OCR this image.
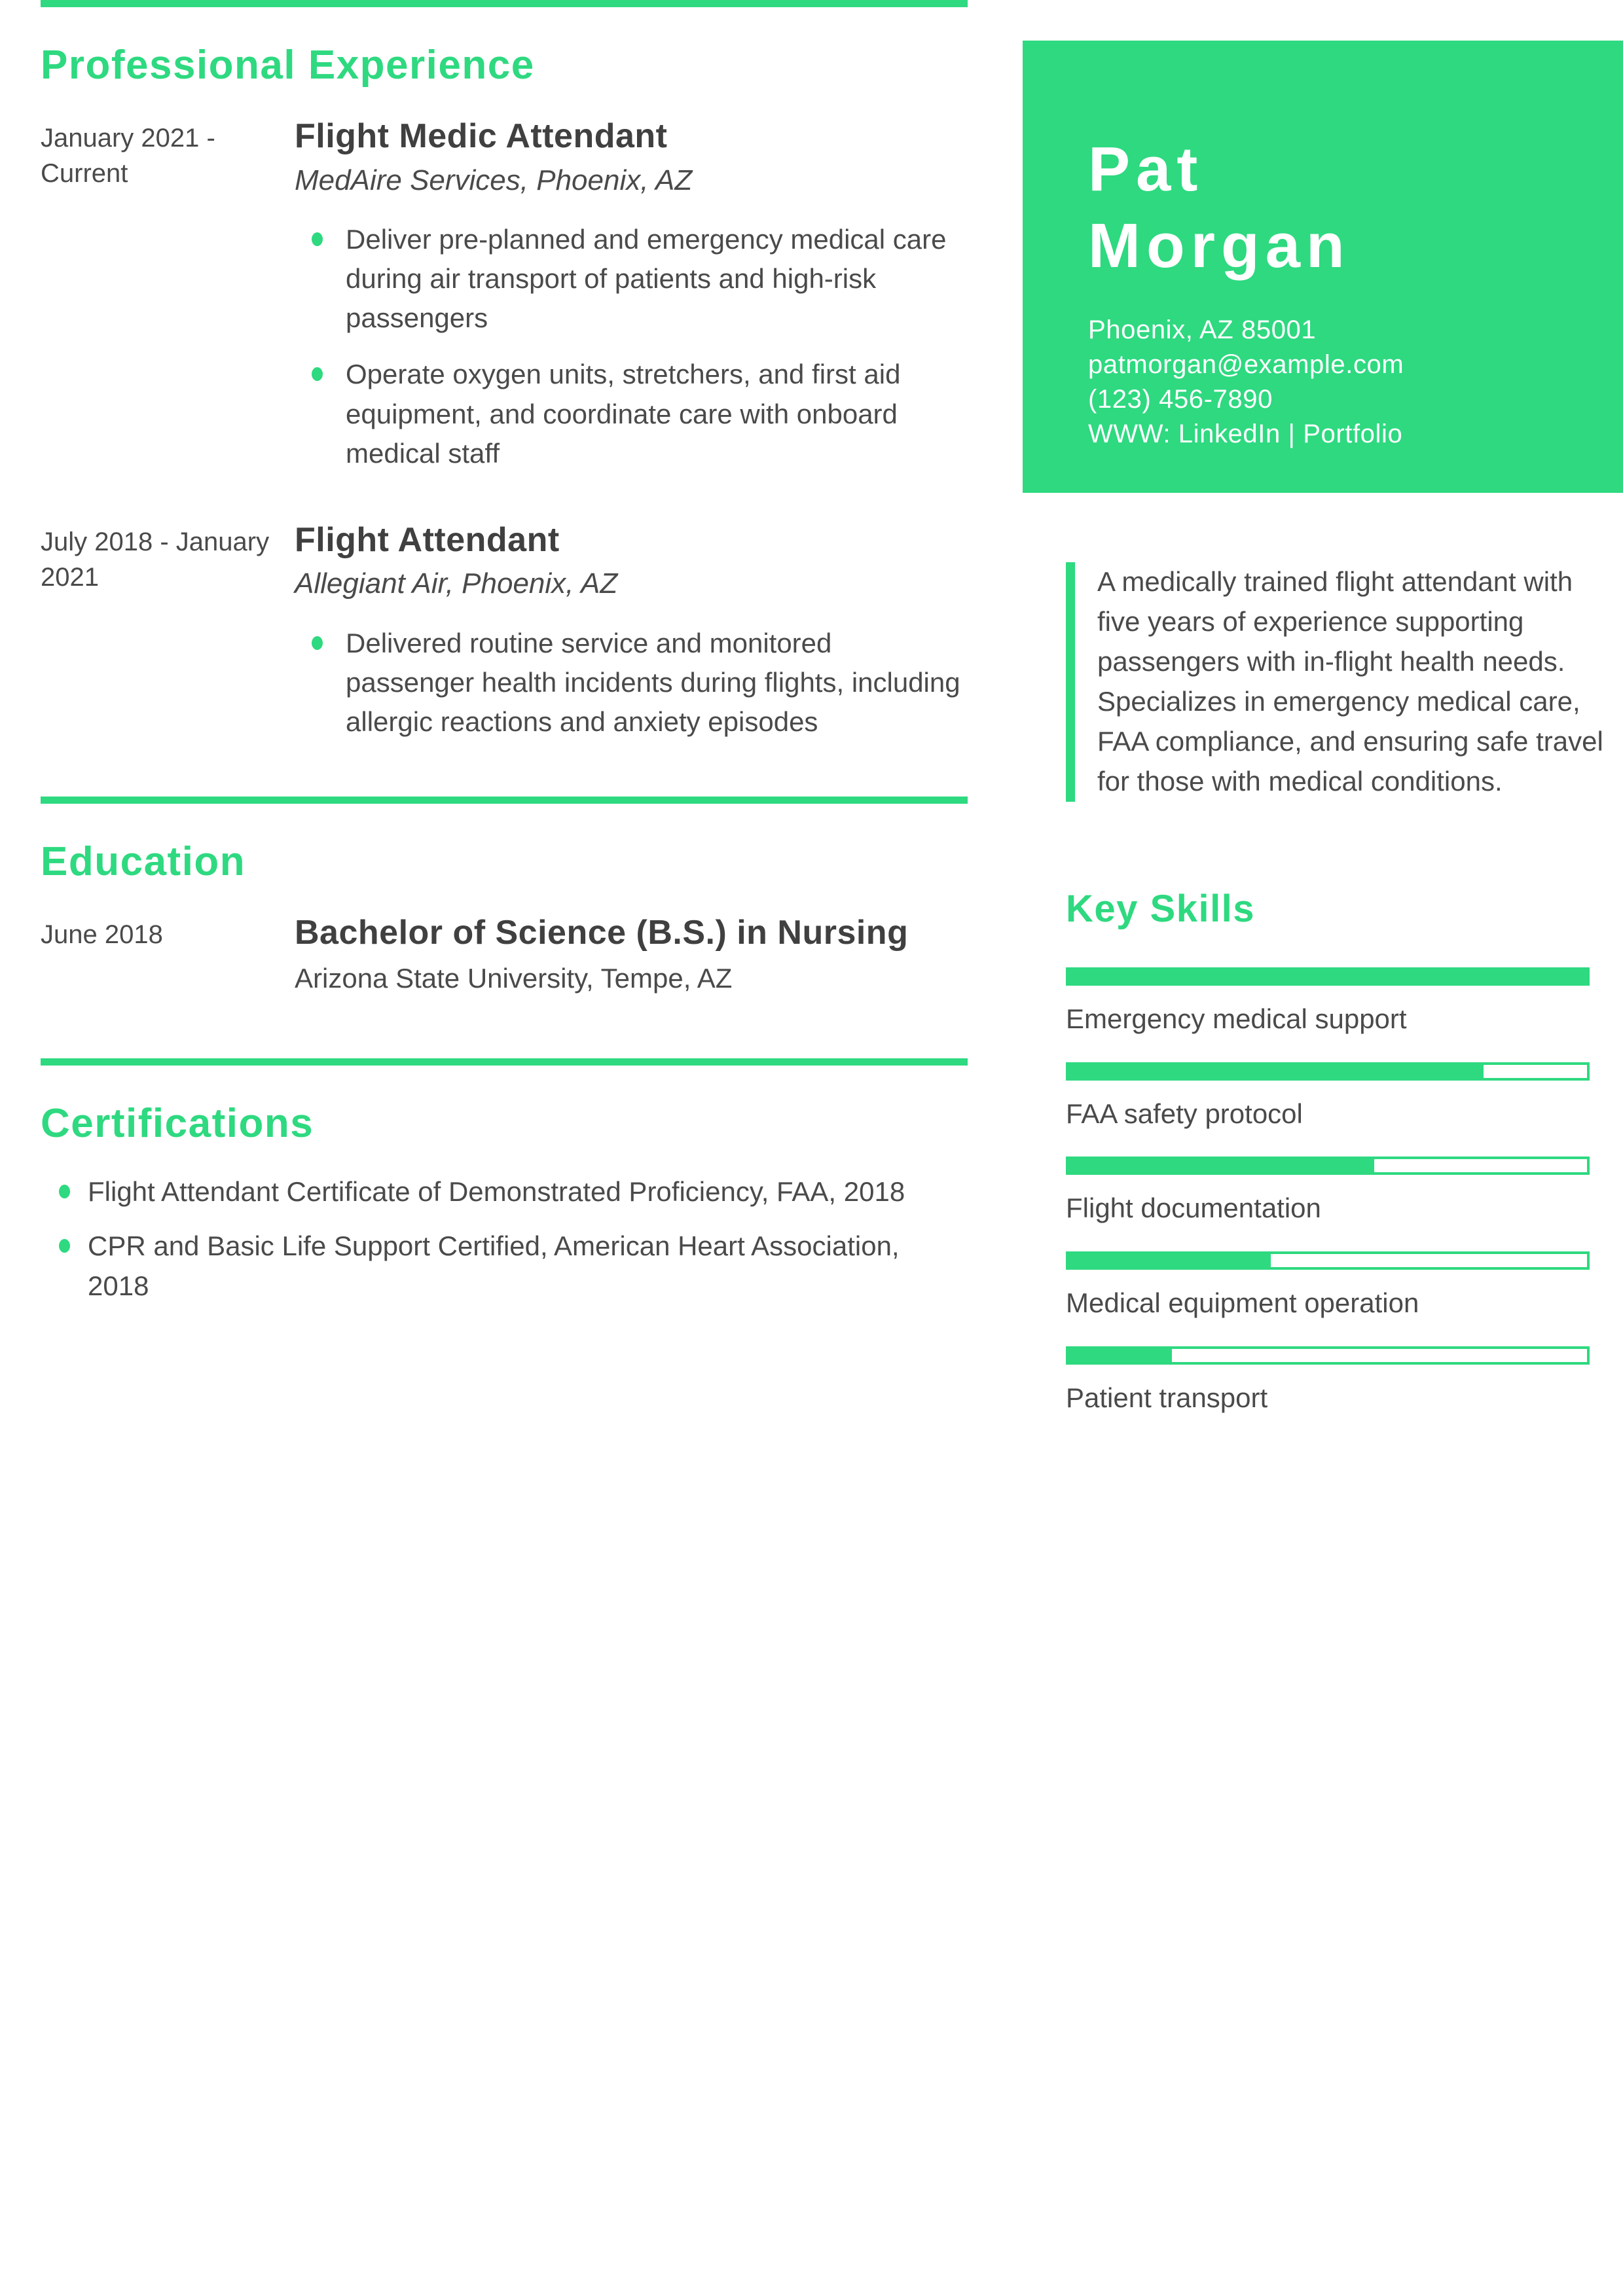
Professional Experience
January 2021 - Current
Flight Medic Attendant
MedAire Services, Phoenix, AZ
Deliver pre-planned and emergency medical care during air transport of patients and high-risk passengers
Operate oxygen units, stretchers, and first aid equipment, and coordinate care with onboard medical staff
July 2018 - January 2021
Flight Attendant
Allegiant Air, Phoenix, AZ
Delivered routine service and monitored passenger health incidents during flights, including allergic reactions and anxiety episodes
Education
June 2018	Bachelor of Science (B.S.) in Nursing
Arizona State University, Tempe, AZ
Certifications
Flight Attendant Certificate of Demonstrated Proficiency, FAA, 2018
CPR and Basic Life Support Certified, American Heart Association, 2018
Pat
Morgan
Phoenix, AZ 85001
patmorgan@example.com
(123) 456-7890
WWW: LinkedIn | Portfolio
A medically trained flight attendant with five years of experience supporting passengers with in-flight health needs. Specializes in emergency medical care, FAA compliance, and ensuring safe travel for those with medical conditions.
Key Skills
Emergency medical support
FAA safety protocol
Flight documentation
Medical equipment operation
Patient transport
